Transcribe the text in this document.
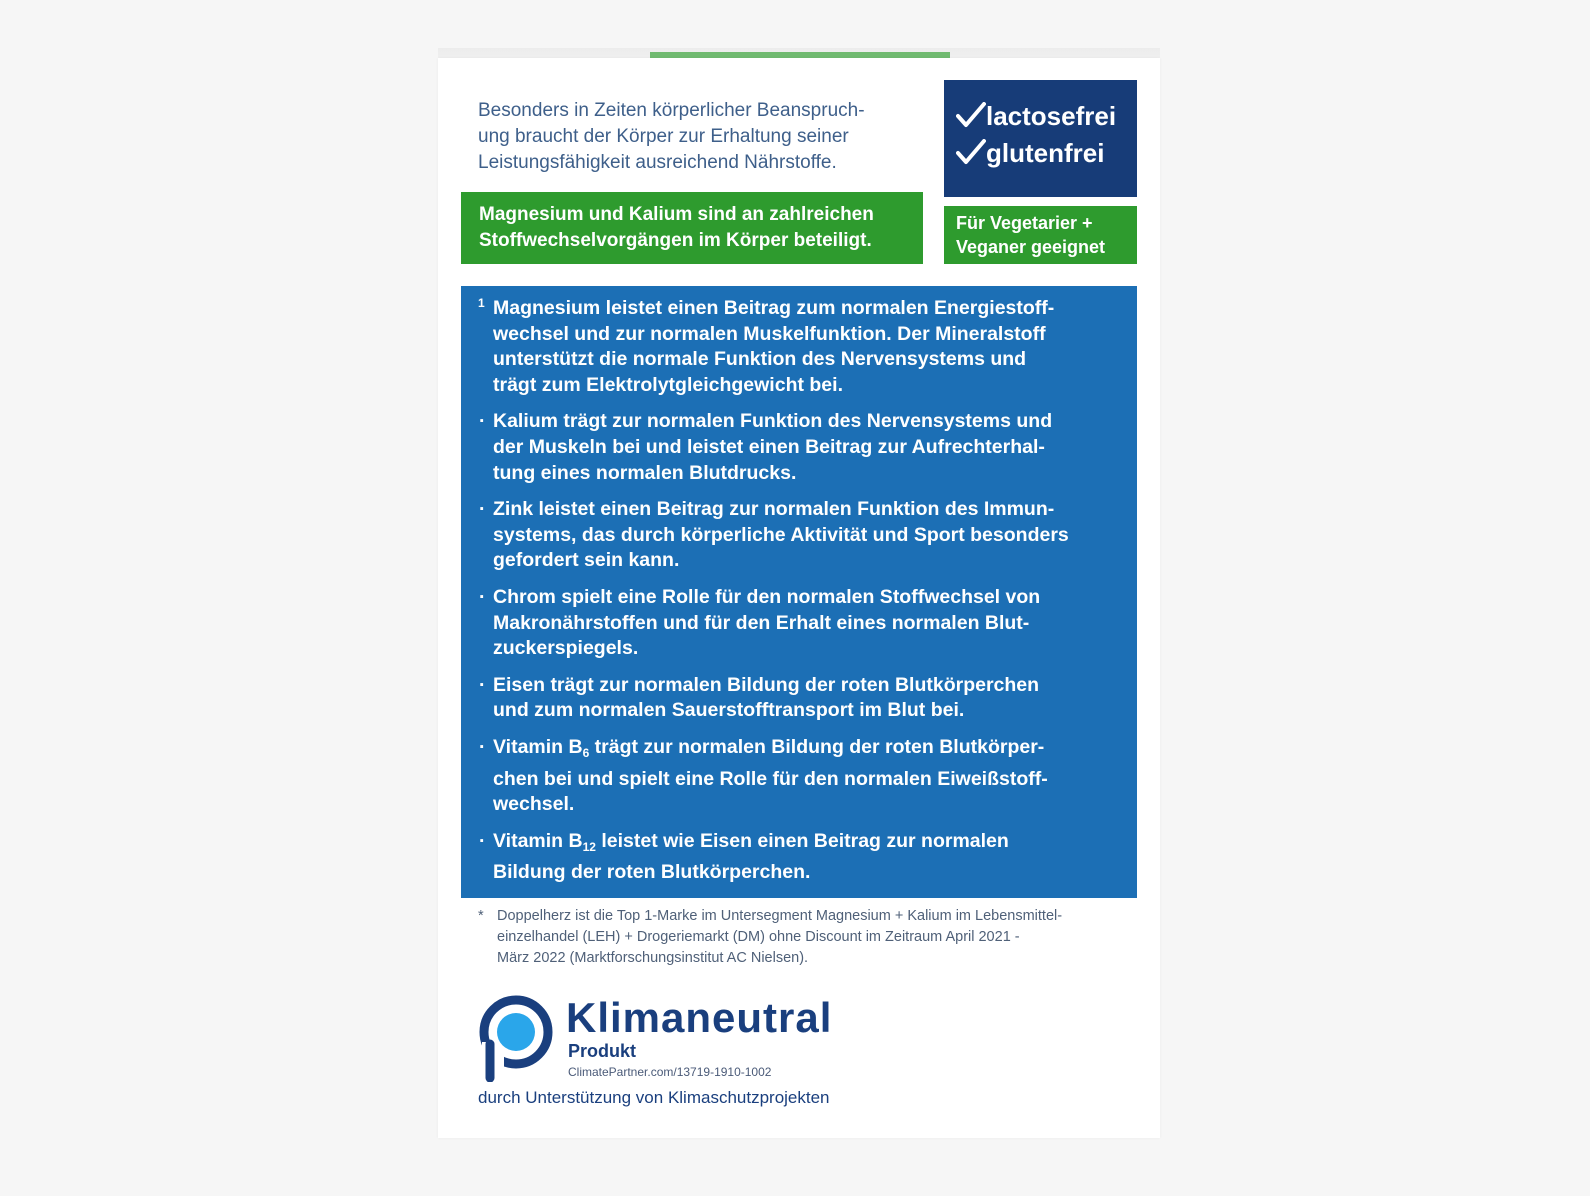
Besonders in Zeiten körperlicher Beanspruch-
ung braucht der Körper zur Erhaltung seiner
Leistungsfähigkeit ausreichend Nährstoffe.
Magnesium und Kalium sind an zahlreichen
Stoffwechselvorgängen im Körper beteiligt.
lactosefrei
glutenfrei
Für Vegetarier +
Veganer geeignet
Magnesium leistet einen Beitrag zum normalen Energiestoff-
wechsel und zur normalen Muskelfunktion. Der Mineralstoff
unterstützt die normale Funktion des Nervensystems und
trägt zum Elektrolytgleichgewicht bei.
· Kalium trägt zur normalen Funktion des Nervensystems und
der Muskeln bei und leistet einen Beitrag zur Aufrechterhal-
tung eines normalen Blutdrucks.
· Zink leistet einen Beitrag zur normalen Funktion des Immun-
systems, das durch körperliche Aktivität und Sport besonders
gefordert sein kann.
· Chrom spielt eine Rolle für den normalen Stoffwechsel von
Makronährstoffen und für den Erhalt eines normalen Blut-
zuckerspiegels.
· Eisen trägt zur normalen Bildung der roten Blutkörperchen
und zum normalen Sauerstofftransport im Blut bei.
· Vitamin $B_6$ trägt zur normalen Bildung der roten Blutkörper-
chen bei und spielt eine Rolle für den normalen Eiweißstoff-
wechsel.
· Vitamin $B_{12}$ leistet wie Eisen einen Beitrag zur normalen
Bildung der roten Blutkörperchen.
1
* Doppelherz ist die Top 1-Marke im Untersegment Magnesium + Kalium im Lebensmittel-
einzelhandel (LEH) + Drogeriemarkt (DM) ohne Discount im Zeitraum April 2021 -
März 2022 (Marktforschungsinstitut AC Nielsen).
Klimaneutral
Produkt
ClimatePartner.com/13719-1910-1002
durch Unterstützung von Klimaschutzprojekten
